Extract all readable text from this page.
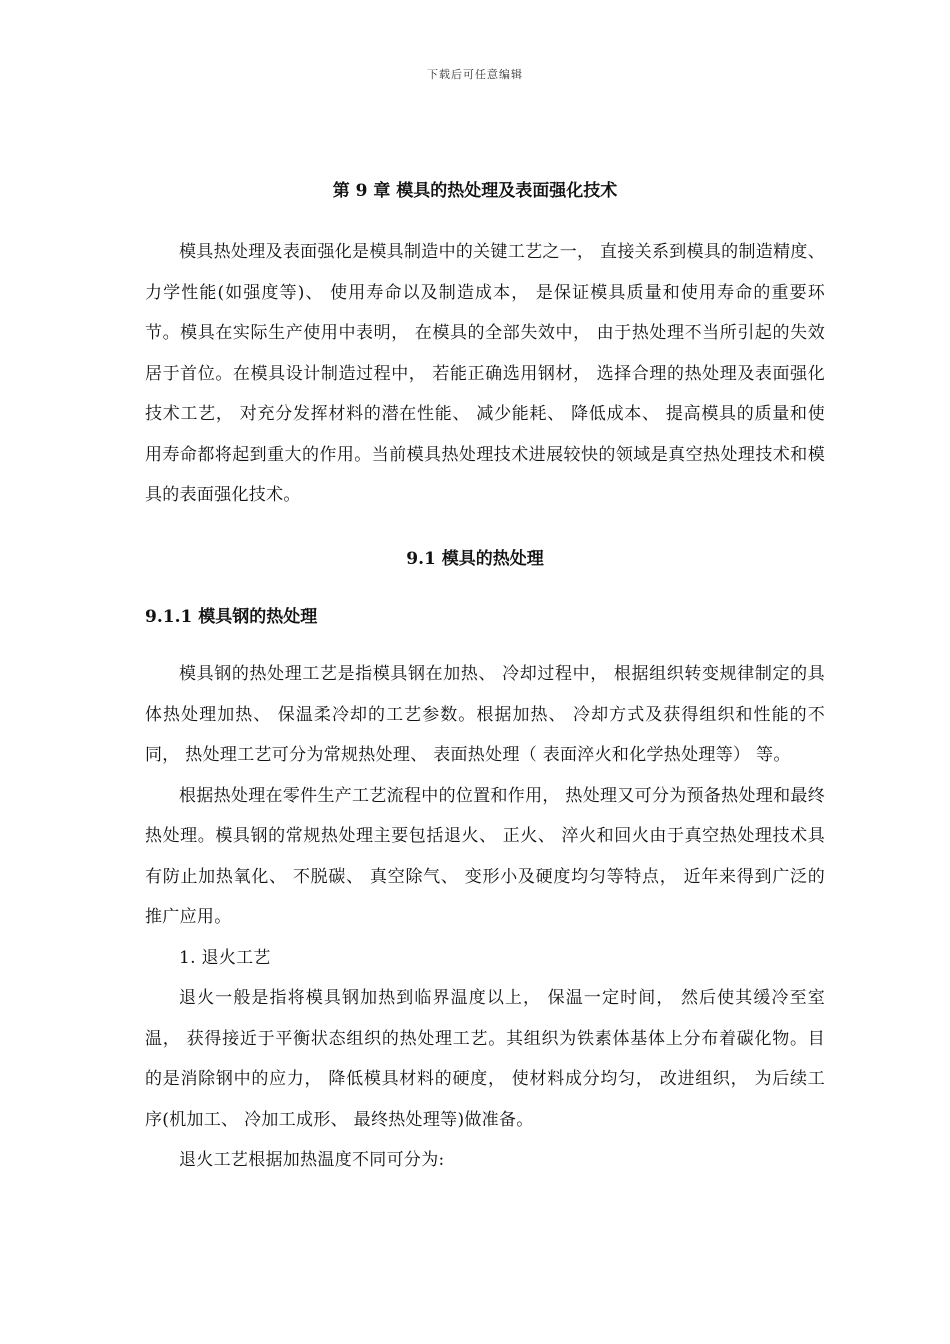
下载后可任意编辑
第 9 章 模具的热处理及表面强化技术

模具热处理及表面强化是模具制造中的关键工艺之一， 直接关系到模具的制造精度、 力学性能(如强度等)、 使用寿命以及制造成本， 是保证模具质量和使用寿命的重要环节。模具在实际生产使用中表明， 在模具的全部失效中， 由于热处理不当所引起的失效居于首位。在模具设计制造过程中， 若能正确选用钢材， 选择合理的热处理及表面强化技术工艺， 对充分发挥材料的潜在性能、 减少能耗、 降低成本、 提高模具的质量和使用寿命都将起到重大的作用。当前模具热处理技术进展较快的领域是真空热处理技术和模具的表面强化技术。

9.1 模具的热处理
9.1.1 模具钢的热处理

模具钢的热处理工艺是指模具钢在加热、 冷却过程中， 根据组织转变规律制定的具体热处理加热、 保温柔冷却的工艺参数。根据加热、 冷却方式及获得组织和性能的不同， 热处理工艺可分为常规热处理、 表面热处理（ 表面淬火和化学热处理等） 等。

根据热处理在零件生产工艺流程中的位置和作用， 热处理又可分为预备热处理和最终热处理。模具钢的常规热处理主要包括退火、 正火、 淬火和回火由于真空热处理技术具有防止加热氧化、 不脱碳、 真空除气、 变形小及硬度均匀等特点， 近年来得到广泛的推广应用。

1. 退火工艺

退火一般是指将模具钢加热到临界温度以上， 保温一定时间， 然后使其缓冷至室温， 获得接近于平衡状态组织的热处理工艺。其组织为铁素体基体上分布着碳化物。目的是消除钢中的应力， 降低模具材料的硬度， 使材料成分均匀， 改进组织， 为后续工序(机加工、 冷加工成形、 最终热处理等)做准备。

退火工艺根据加热温度不同可分为:
